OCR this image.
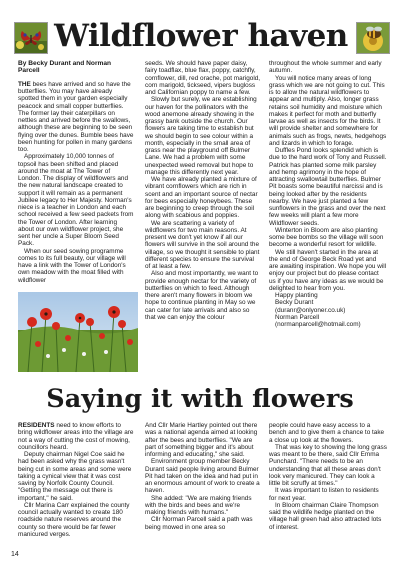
Wildflower haven
By Becky Durant and Norman Parcell

THE bees have arrived and so have the butterflies. You may have already spotted them in your garden especially peacock and small copper butterflies. The former lay their caterpillars on nettles and arrived before the swallows, although these are beginning to be seen flying over the dunes. Bumble bees have been hunting for pollen in many gardens too.

Approximately 10,000 tonnes of topsoil has been shifted and placed around the moat at The Tower of London. The display of wildflowers and the new natural landscape created to support it will remain as a permanent Jubilee legacy to Her Majesty. Norman's niece is a teacher in London and each school received a few seed packets from the Tower of London. After learning about our own wildflower project, she sent her uncle a Super Bloom Seed Pack.

When our seed sowing programme comes to its full beauty, our village will have a link with the Tower of London's own meadow with the moat filled with wildflower

seeds. We should have paper daisy, fairy toadflax, blue flax, poppy, catchfly, cornflower, dill, red orache, pot marigold, corn marigold, tickseed, vipers bugloss and Californian poppy to name a few.

Slowly but surely, we are establishing our haven for the pollinators with the wood anemone already showing in the grassy bank outside the church. Our flowers are taking time to establish but we should begin to see colour within a month, especially in the small area of grass near the playground off Bulmer Lane. We had a problem with some unexpected weed removal but hope to manage this differently next year.

We have already planted a mixture of vibrant cornflowers which are rich in scent and an important source of nectar for bees especially honeybees. These are beginning to creep through the soil along with scabious and poppies.

We are scattering a variety of wildflowers for two main reasons. At present we don't yet know if all our flowers will survive in the soil around the village, so we thought it sensible to plant different species to ensure the survival of at least a few.

Also and most importantly, we want to provide enough nectar for the variety of butterflies on which to feed. Although there aren't many flowers in bloom we hope to continue planting in May so we can cater for late arrivals and also so that we can enjoy the colour

throughout the whole summer and early autumn.

You will notice many areas of long grass which we are not going to cut. This is to allow the natural wildflowers to appear and multiply. Also, longer grass retains soil humidity and moisture which makes it perfect for moth and butterfly larvae as well as insects for the birds. It will provide shelter and somewhere for animals such as frogs, newts, hedgehogs and lizards in which to forage.

Duffles Pond looks splendid which is due to the hard work of Tony and Russell. Patrick has planted some milk parsley and hemp agrimony in the hope of attracting swallowtail butterflies. Bulmer Pit boasts some beautiful narcissi and is being looked after by the residents nearby. We have just planted a few sunflowers in the grass and over the next few weeks will plant a few more Wildflower seeds.

Winterton in Bloom are also planting some bee bombs so the village will soon become a wonderful resort for wildlife.

We still haven't started in the area at the end of George Beck Road yet and are awaiting inspiration. We hope you will enjoy our project but do please contact us if you have any ideas as we would be delighted to hear from you.

Happy planting

Becky Durant

(duranr@onlyoner.co.uk)

Norman Parcell

(normanparcell@hotmail.com)

Saying it with flowers

RESIDENTS need to know efforts to bring wildflower areas into the village are not a way of cutting the cost of mowing, councillors heard.

Deputy chairman Nigel Coe said he had been asked why the grass wasn't being cut in some areas and some were taking a cynical view that it was cost saving by Norfolk County Council. "Getting the message out there is important," he said.

Cllr Marina Carr explained the county council actually wanted to create 180 roadside nature reserves around the county so there would be far fewer manicured verges.

And Cllr Marie Hartley pointed out there was a national agenda aimed at looking after the bees and butterflies. "We are part of something bigger and it's about informing and educating," she said.

Environment group member Becky Durant said people living around Bulmer Pit had taken on the idea and had put in an enormous amount of work to create a haven.

She added: "We are making friends with the birds and bees and we're making friends with humans."

Cllr Norman Parcell said a path was being mowed in one area so

people could have easy access to a bench and to give them a chance to take a close up look at the flowers.

That was key to showing the long grass was meant to be there, said Cllr Emma Punchard. "There needs to be an understanding that all these areas don't look very manicured. They can look a little bit scruffy at times."

It was important to listen to residents for next year.

In Bloom chairman Claire Thompson said the wildlife hedge planted on the village hall green had also attracted lots of interest.

14
